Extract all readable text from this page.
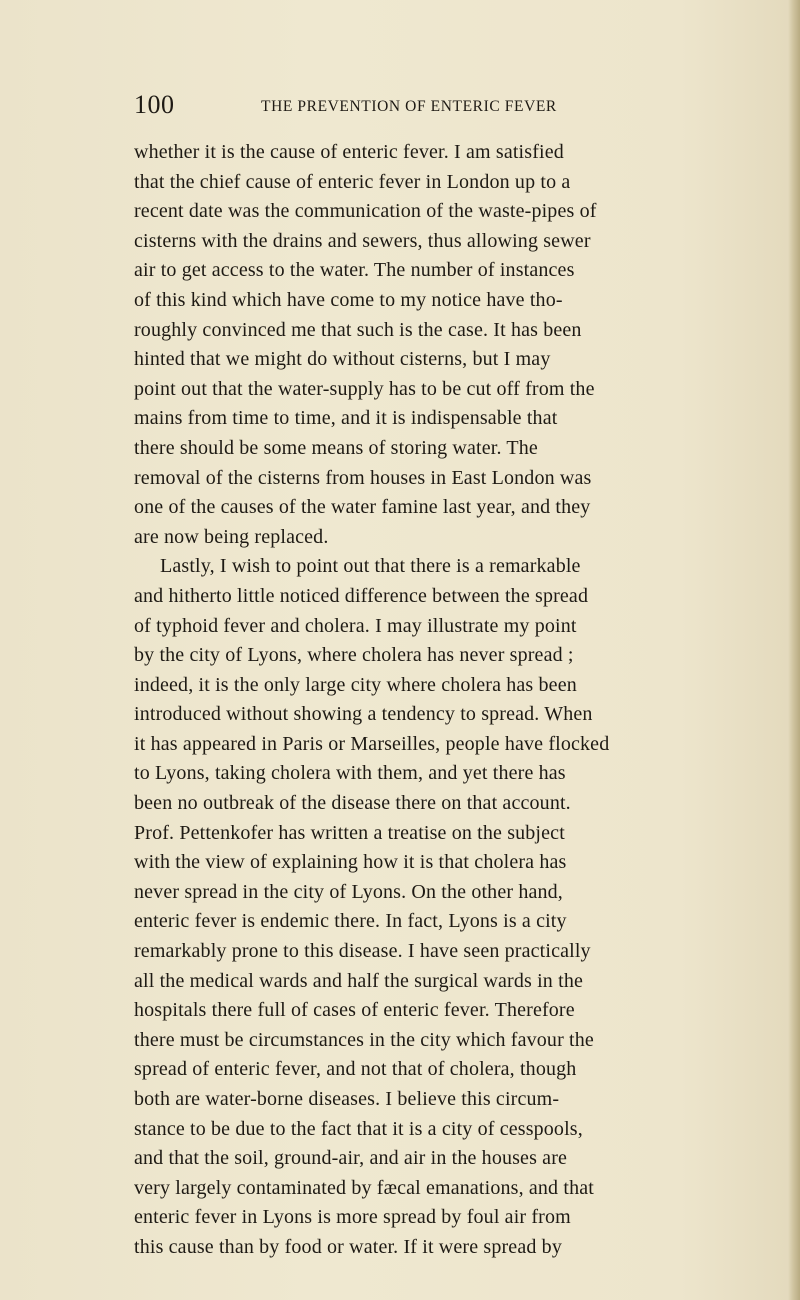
100	THE PREVENTION OF ENTERIC FEVER
whether it is the cause of enteric fever. I am satisfied
that the chief cause of enteric fever in London up to a
recent date was the communication of the waste-pipes of
cisterns with the drains and sewers, thus allowing sewer
air to get access to the water. The number of instances
of this kind which have come to my notice have tho-
roughly convinced me that such is the case. It has been
hinted that we might do without cisterns, but I may
point out that the water-supply has to be cut off from the
mains from time to time, and it is indispensable that
there should be some means of storing water. The
removal of the cisterns from houses in East London was
one of the causes of the water famine last year, and they
are now being replaced.
Lastly, I wish to point out that there is a remarkable
and hitherto little noticed difference between the spread
of typhoid fever and cholera. I may illustrate my point
by the city of Lyons, where cholera has never spread ;
indeed, it is the only large city where cholera has been
introduced without showing a tendency to spread. When
it has appeared in Paris or Marseilles, people have flocked
to Lyons, taking cholera with them, and yet there has
been no outbreak of the disease there on that account.
Prof. Pettenkofer has written a treatise on the subject
with the view of explaining how it is that cholera has
never spread in the city of Lyons. On the other hand,
enteric fever is endemic there. In fact, Lyons is a city
remarkably prone to this disease. I have seen practically
all the medical wards and half the surgical wards in the
hospitals there full of cases of enteric fever. Therefore
there must be circumstances in the city which favour the
spread of enteric fever, and not that of cholera, though
both are water-borne diseases. I believe this circum-
stance to be due to the fact that it is a city of cesspools,
and that the soil, ground-air, and air in the houses are
very largely contaminated by fæcal emanations, and that
enteric fever in Lyons is more spread by foul air from
this cause than by food or water. If it were spread by
